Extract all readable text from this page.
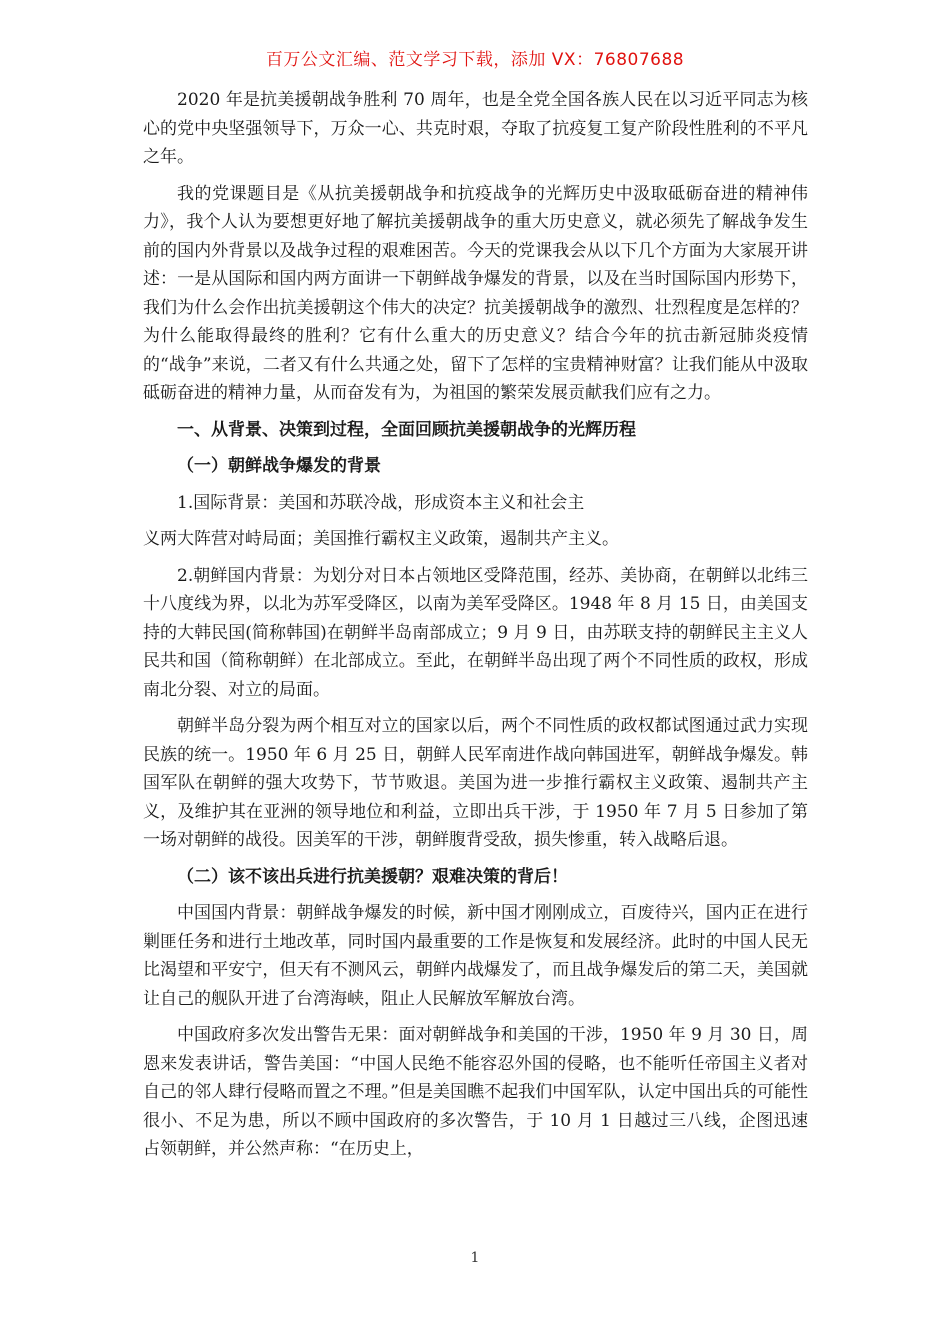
百万公文汇编、范文学习下载，添加 VX：76807688

2020 年是抗美援朝战争胜利 70 周年，也是全党全国各族人民在以习近平同志为核心的党中央坚强领导下，万众一心、共克时艰，夺取了抗疫复工复产阶段性胜利的不平凡之年。

我的党课题目是《从抗美援朝战争和抗疫战争的光辉历史中汲取砥砺奋进的精神伟力》，我个人认为要想更好地了解抗美援朝战争的重大历史意义，就必须先了解战争发生前的国内外背景以及战争过程的艰难困苦。今天的党课我会从以下几个方面为大家展开讲述：一是从国际和国内两方面讲一下朝鲜战争爆发的背景，以及在当时国际国内形势下，我们为什么会作出抗美援朝这个伟大的决定？抗美援朝战争的激烈、壮烈程度是怎样的？为什么能取得最终的胜利？它有什么重大的历史意义？结合今年的抗击新冠肺炎疫情的“战争”来说，二者又有什么共通之处，留下了怎样的宝贵精神财富？让我们能从中汲取砥砺奋进的精神力量，从而奋发有为，为祖国的繁荣发展贡献我们应有之力。

一、从背景、决策到过程，全面回顾抗美援朝战争的光辉历程

（一）朝鲜战争爆发的背景

1.国际背景：美国和苏联冷战，形成资本主义和社会主

义两大阵营对峙局面；美国推行霸权主义政策，遏制共产主义。

2.朝鲜国内背景：为划分对日本占领地区受降范围，经苏、美协商，在朝鲜以北纬三十八度线为界，以北为苏军受降区，以南为美军受降区。1948 年 8 月 15 日，由美国支持的大韩民国(简称韩国)在朝鲜半岛南部成立；9 月 9 日，由苏联支持的朝鲜民主主义人民共和国（简称朝鲜）在北部成立。至此，在朝鲜半岛出现了两个不同性质的政权，形成南北分裂、对立的局面。

朝鲜半岛分裂为两个相互对立的国家以后，两个不同性质的政权都试图通过武力实现民族的统一。1950 年 6 月 25 日，朝鲜人民军南进作战向韩国进军，朝鲜战争爆发。韩国军队在朝鲜的强大攻势下，节节败退。美国为进一步推行霸权主义政策、遏制共产主义，及维护其在亚洲的领导地位和利益，立即出兵干涉，于 1950 年 7 月 5 日参加了第一场对朝鲜的战役。因美军的干涉，朝鲜腹背受敌，损失惨重，转入战略后退。

（二）该不该出兵进行抗美援朝？艰难决策的背后！

中国国内背景：朝鲜战争爆发的时候，新中国才刚刚成立，百废待兴，国内正在进行剿匪任务和进行土地改革，同时国内最重要的工作是恢复和发展经济。此时的中国人民无比渴望和平安宁，但天有不测风云，朝鲜内战爆发了，而且战争爆发后的第二天，美国就让自己的舰队开进了台湾海峡，阻止人民解放军解放台湾。

中国政府多次发出警告无果：面对朝鲜战争和美国的干涉，1950 年 9 月 30 日，周恩来发表讲话，警告美国：“中国人民绝不能容忍外国的侵略，也不能听任帝国主义者对自己的邻人肆行侵略而置之不理。”但是美国瞧不起我们中国军队，认定中国出兵的可能性很小、不足为患，所以不顾中国政府的多次警告，于 10 月 1 日越过三八线，企图迅速占领朝鲜，并公然声称：“在历史上，

1
